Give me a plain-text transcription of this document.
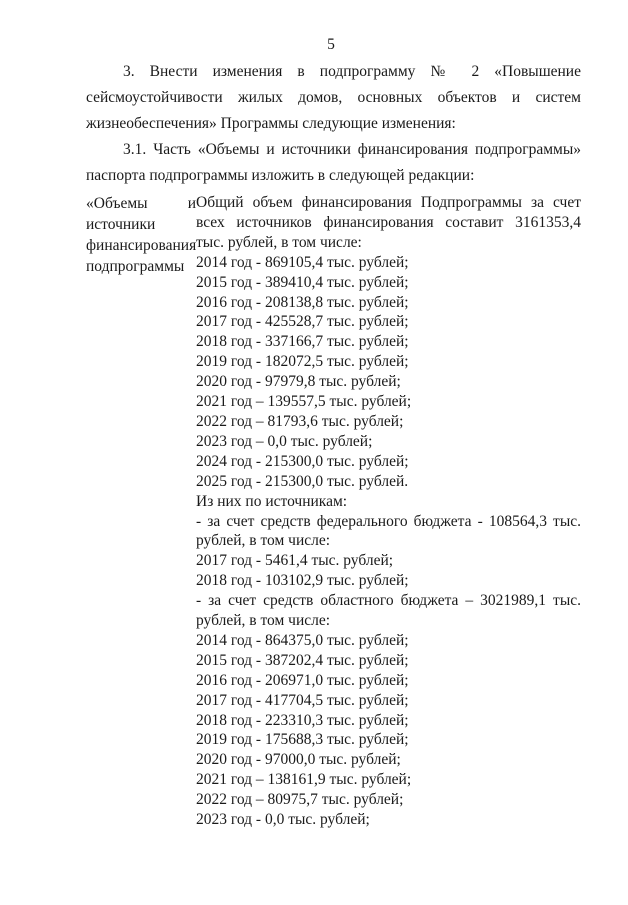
5

3. Внести изменения в подпрограмму № 2 «Повышение сейсмоустойчивости жилых домов, основных объектов и систем жизнеобеспечения» Программы следующие изменения:

3.1. Часть «Объемы и источники финансирования подпрограммы» паспорта подпрограммы изложить в следующей редакции:

«Объемы и источники финансирования подпрограммы
Общий объем финансирования Подпрограммы за счет всех источников финансирования составит 3161353,4 тыс. рублей, в том числе:
2014 год - 869105,4 тыс. рублей;
2015 год - 389410,4 тыс. рублей;
2016 год - 208138,8 тыс. рублей;
2017 год - 425528,7 тыс. рублей;
2018 год - 337166,7 тыс. рублей;
2019 год - 182072,5 тыс. рублей;
2020 год - 97979,8 тыс. рублей;
2021 год – 139557,5 тыс. рублей;
2022 год – 81793,6 тыс. рублей;
2023 год – 0,0 тыс. рублей;
2024 год - 215300,0 тыс. рублей;
2025 год - 215300,0 тыс. рублей.
Из них по источникам:
- за счет средств федерального бюджета - 108564,3 тыс. рублей, в том числе:
2017 год - 5461,4 тыс. рублей;
2018 год - 103102,9 тыс. рублей;
- за счет средств областного бюджета – 3021989,1 тыс. рублей, в том числе:
2014 год - 864375,0 тыс. рублей;
2015 год - 387202,4 тыс. рублей;
2016 год - 206971,0 тыс. рублей;
2017 год - 417704,5 тыс. рублей;
2018 год - 223310,3 тыс. рублей;
2019 год - 175688,3 тыс. рублей;
2020 год - 97000,0 тыс. рублей;
2021 год – 138161,9 тыс. рублей;
2022 год – 80975,7 тыс. рублей;
2023 год - 0,0 тыс. рублей;
